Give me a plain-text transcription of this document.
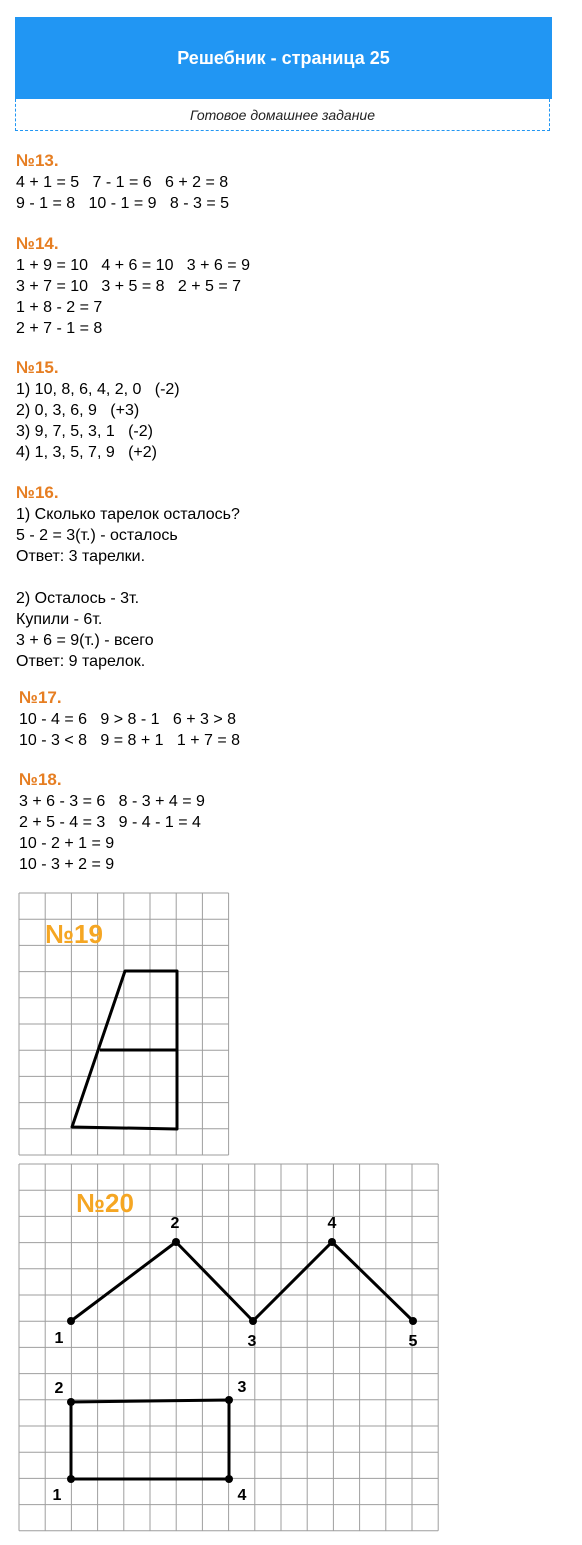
Решебник - страница 25
Готовое домашнее задание
№13.
4 + 1 = 5   7 - 1 = 6   6 + 2 = 8
9 - 1 = 8   10 - 1 = 9   8 - 3 = 5
№14.
1 + 9 = 10   4 + 6 = 10   3 + 6 = 9
3 + 7 = 10   3 + 5 = 8   2 + 5 = 7
1 + 8 - 2 = 7
2 + 7 - 1 = 8
№15.
1) 10, 8, 6, 4, 2, 0   (-2)
2) 0, 3, 6, 9   (+3)
3) 9, 7, 5, 3, 1   (-2)
4) 1, 3, 5, 7, 9   (+2)
№16.
1) Сколько тарелок осталось?
5 - 2 = 3(т.) - осталось
Ответ: 3 тарелки.
2) Осталось - 3т.
Купили - 6т.
3 + 6 = 9(т.) - всего
Ответ: 9 тарелок.
№17.
10 - 4 = 6   9 > 8 - 1   6 + 3 > 8
10 - 3 < 8   9 = 8 + 1   1 + 7 = 8
№18.
3 + 6 - 3 = 6   8 - 3 + 4 = 9
2 + 5 - 4 = 3   9 - 4 - 1 = 4
10 - 2 + 1 = 9
10 - 3 + 2 = 9
№19
№20
1
2
3
4
5
1
2	3
4
